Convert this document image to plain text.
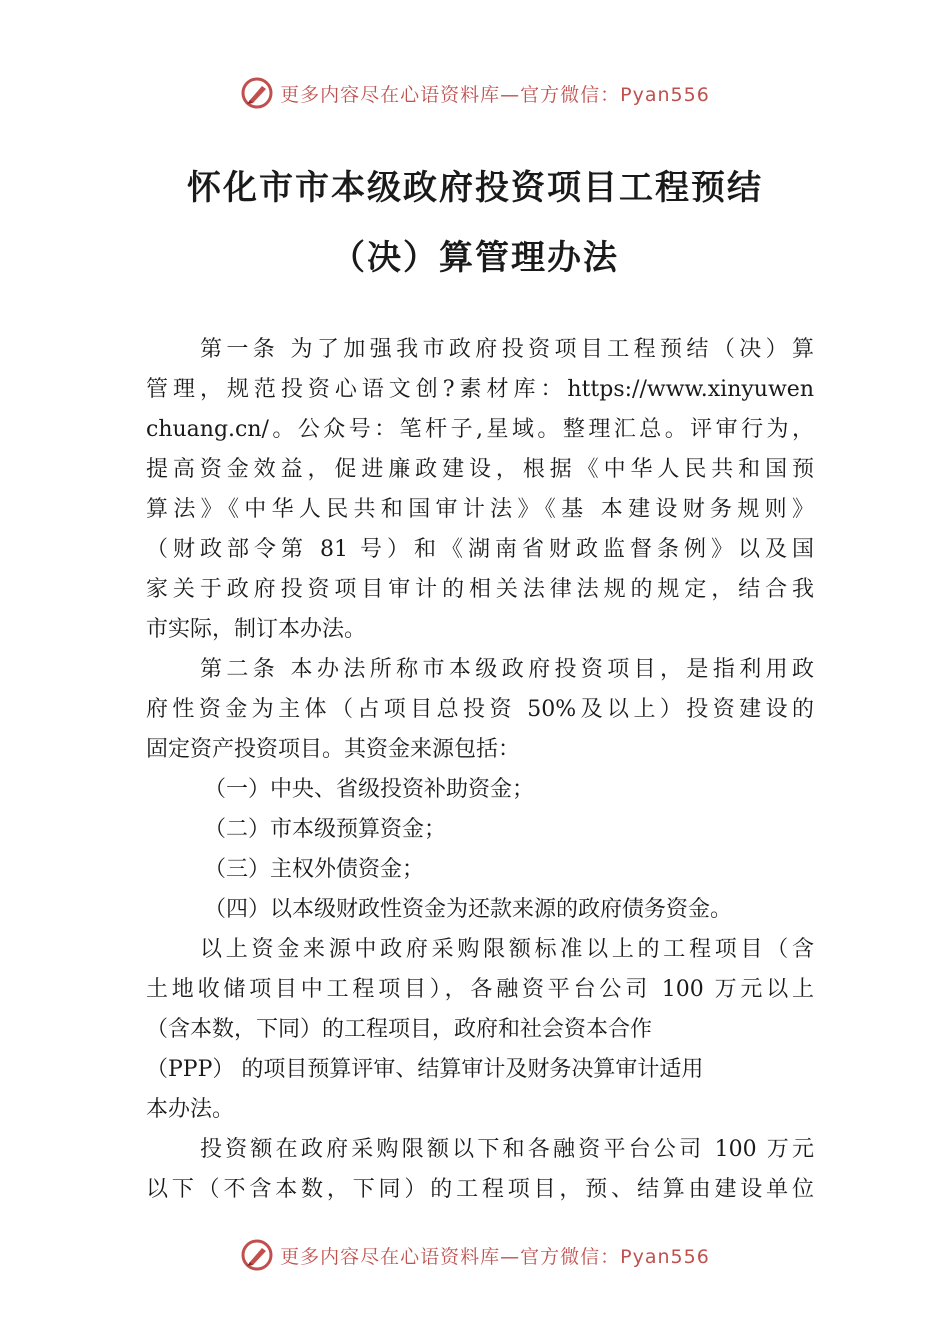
更多内容尽在心语资料库—官方微信：Pyan556
怀化市市本级政府投资项目工程预结
（决）算管理办法
第一条 为了加强我市政府投资项目工程预结（决）算
管理，规范投资心语文创?素材库：https://www.xinyuwen
chuang.cn/。公众号：笔杆子,星域。整理汇总。评审行为，
提高资金效益，促进廉政建设，根据《中华人民共和国预
算法》《中华人民共和国审计法》《基 本建设财务规则》
（财政部令第 81 号）和《湖南省财政监督条例》以及国
家关于政府投资项目审计的相关法律法规的规定，结合我
市实际，制订本办法。
第二条 本办法所称市本级政府投资项目，是指利用政
府性资金为主体（占项目总投资 50%及以上）投资建设的
固定资产投资项目。其资金来源包括：
（一）中央、省级投资补助资金；
（二）市本级预算资金；
（三）主权外债资金；
（四）以本级财政性资金为还款来源的政府债务资金。
以上资金来源中政府采购限额标准以上的工程项目（含
土地收储项目中工程项目），各融资平台公司 100 万元以上
（含本数，下同）的工程项目，政府和社会资本合作
（PPP） 的项目预算评审、结算审计及财务决算审计适用
本办法。
投资额在政府采购限额以下和各融资平台公司 100 万元
以下（不含本数，下同）的工程项目，预、结算由建设单位
更多内容尽在心语资料库—官方微信：Pyan556
